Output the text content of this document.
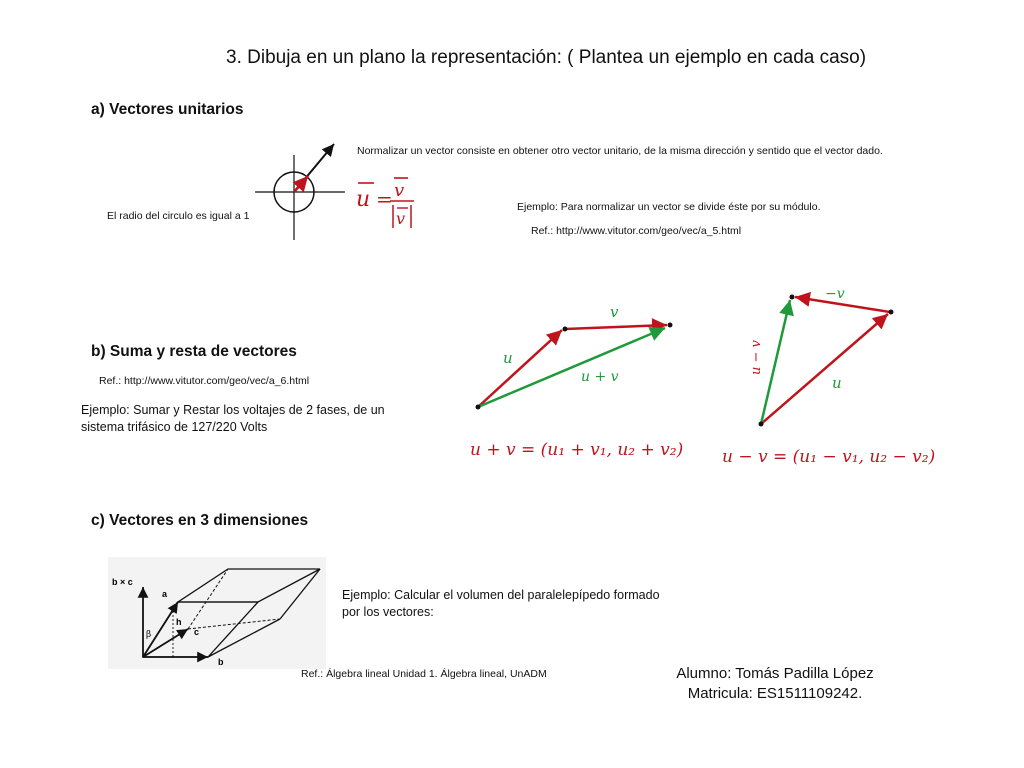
3. Dibuja en un plano la representación: ( Plantea un ejemplo en cada caso)
a) Vectores unitarios
El radio del circulo es igual a 1
u = v
v
Normalizar un vector consiste en obtener otro vector unitario, de la misma dirección y sentido que el vector dado.
Ejemplo: Para normalizar un vector se divide éste por su módulo.
Ref.: http://www.vitutor.com/geo/vec/a_5.html
b) Suma y resta de vectores
Ref.: http://www.vitutor.com/geo/vec/a_6.html
Ejemplo: Sumar y Restar los voltajes de 2 fases, de un sistema trifásico de 127/220 Volts
u
v
u + v
u + v = (u₁ + v₁, u₂ + v₂)
−v
u
u − v
u − v = (u₁ − v₁, u₂ − v₂)
c) Vectores en 3 dimensiones
b × c
a
h
c
b
β
Ejemplo: Calcular el volumen del paralelepípedo formado por los vectores:
Ref.: Álgebra lineal Unidad 1. Álgebra lineal, UnADM	Alumno: Tomás Padilla López
Matricula: ES1511109242.
